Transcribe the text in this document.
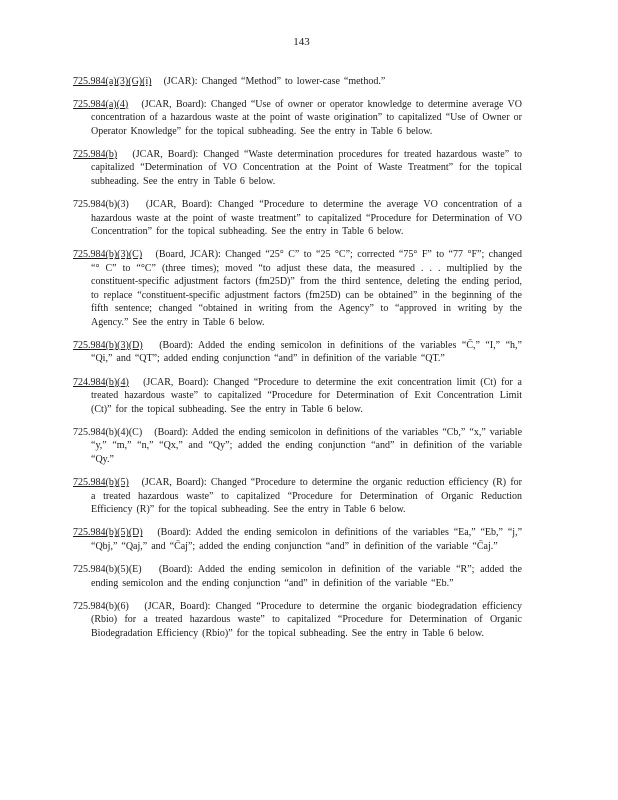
143
725.984(a)(3)(G)(i) (JCAR): Changed “Method” to lower-case “method.”
725.984(a)(4) (JCAR, Board): Changed “Use of owner or operator knowledge to determine average VO concentration of a hazardous waste at the point of waste origination” to capitalized “Use of Owner or Operator Knowledge” for the topical subheading. See the entry in Table 6 below.
725.984(b) (JCAR, Board): Changed “Waste determination procedures for treated hazardous waste” to capitalized “Determination of VO Concentration at the Point of Waste Treatment” for the topical subheading. See the entry in Table 6 below.
725.984(b)(3) (JCAR, Board): Changed “Procedure to determine the average VO concentration of a hazardous waste at the point of waste treatment” to capitalized “Procedure for Determination of VO Concentration” for the topical subheading. See the entry in Table 6 below.
725.984(b)(3)(C) (Board, JCAR): Changed “25° C” to “25 °C”; corrected “75° F” to “77 °F”; changed “° C” to “°C” (three times); moved “to adjust these data, the measured . . . multiplied by the constituent-specific adjustment factors (fm25D)” from the third sentence, deleting the ending period, to replace “constituent-specific adjustment factors (fm25D) can be obtained” in the beginning of the fifth sentence; changed “obtained in writing from the Agency” to “approved in writing by the Agency.” See the entry in Table 6 below.
725.984(b)(3)(D) (Board): Added the ending semicolon in definitions of the variables “C̄,” “I,” “h,” “Qi,” and “QT”; added ending conjunction “and” in definition of the variable “QT.”
724.984(b)(4) (JCAR, Board): Changed “Procedure to determine the exit concentration limit (Ct) for a treated hazardous waste” to capitalized “Procedure for Determination of Exit Concentration Limit (Ct)” for the topical subheading. See the entry in Table 6 below.
725.984(b)(4)(C) (Board): Added the ending semicolon in definitions of the variables “Cb,” “x,” variable “y,” “m,” “n,” “Qx,” and “Qy”; added the ending conjunction “and” in definition of the variable “Qy.”
725.984(b)(5) (JCAR, Board): Changed “Procedure to determine the organic reduction efficiency (R) for a treated hazardous waste” to capitalized “Procedure for Determination of Organic Reduction Efficiency (R)” for the topical subheading. See the entry in Table 6 below.
725.984(b)(5)(D) (Board): Added the ending semicolon in definitions of the variables “Ea,” “Eb,” “j,” “Qbj,” “Qaj,” and “C̄aj”; added the ending conjunction “and” in definition of the variable “C̄aj.”
725.984(b)(5)(E) (Board): Added the ending semicolon in definition of the variable “R”; added the ending semicolon and the ending conjunction “and” in definition of the variable “Eb.”
725.984(b)(6) (JCAR, Board): Changed “Procedure to determine the organic biodegradation efficiency (Rbio) for a treated hazardous waste” to capitalized “Procedure for Determination of Organic Biodegradation Efficiency (Rbio)” for the topical subheading. See the entry in Table 6 below.
